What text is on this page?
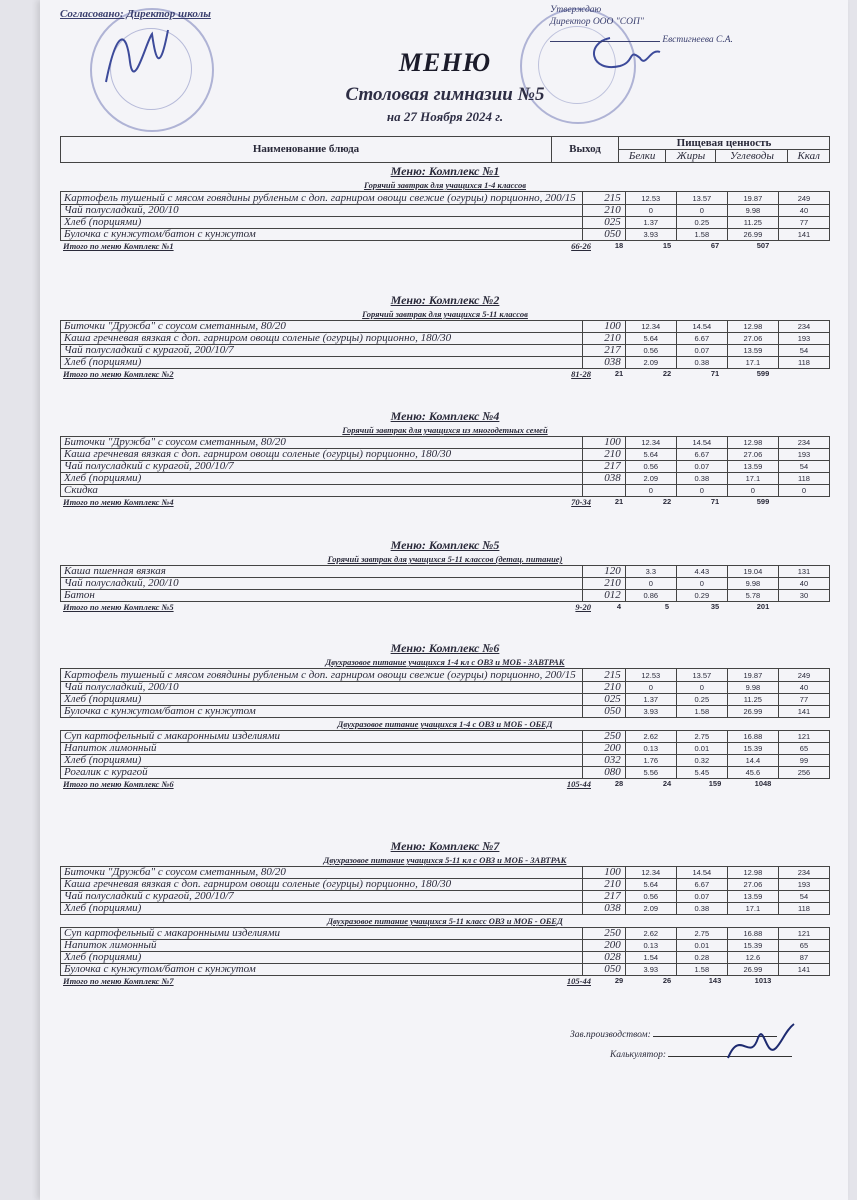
Согласовано: Директор школы	Утверждаю
Директор ООО "СОП"
Евстигнеева С.А.
МЕНЮ
Столовая гимназии №5
на 27 Ноября 2024 г.
Наименование блюда	Выход	Пищевая ценность			
		Белки	Жиры	Углеводы	Ккал
Меню: Комплекс №1
Горячий завтрак для учащихся 1-4 классов
Картофель тушеный с мясом говядины рубленым с доп. гарниром овощи свежие (огурцы) порционно, 200/15	215	12.53	13.57	19.87	249
Чай полусладкий, 200/10	210	0	0	9.98	40
Хлеб (порциями)	025	1.37	0.25	11.25	77
Булочка с кунжутом/батон с кунжутом	050	3.93	1.58	26.99	141
Итого по меню Комплекс №1	66-26	18	15	67	507
Меню: Комплекс №2
Горячий завтрак для учащихся 5-11 классов
Биточки "Дружба" с соусом сметанным, 80/20	100	12.34	14.54	12.98	234
Каша гречневая вязкая с доп. гарниром овощи соленые (огурцы) порционно, 180/30	210	5.64	6.67	27.06	193
Чай полусладкий с курагой, 200/10/7	217	0.56	0.07	13.59	54
Хлеб (порциями)	038	2.09	0.38	17.1	118
Итого по меню Комплекс №2	81-28	21	22	71	599
Меню: Комплекс №4
Горячий завтрак для учащихся из многодетных семей
Биточки "Дружба" с соусом сметанным, 80/20	100	12.34	14.54	12.98	234
Каша гречневая вязкая с доп. гарниром овощи соленые (огурцы) порционно, 180/30	210	5.64	6.67	27.06	193
Чай полусладкий с курагой, 200/10/7	217	0.56	0.07	13.59	54
Хлеб (порциями)	038	2.09	0.38	17.1	118
Скидка		0	0	0	0
Итого по меню Комплекс №4	70-34	21	22	71	599
Меню: Комплекс №5
Горячий завтрак для учащихся 5-11 классов (детац. питание)
Каша пшенная вязкая	120	3.3	4.43	19.04	131
Чай полусладкий, 200/10	210	0	0	9.98	40
Батон	012	0.86	0.29	5.78	30
Итого по меню Комплекс №5	9-20	4	5	35	201
Меню: Комплекс №6
Двухразовое питание учащихся 1-4 кл с ОВЗ и МОБ - ЗАВТРАК
Картофель тушеный с мясом говядины рубленым с доп. гарниром овощи свежие (огурцы) порционно, 200/15	215	12.53	13.57	19.87	249
Чай полусладкий, 200/10	210	0	0	9.98	40
Хлеб (порциями)	025	1.37	0.25	11.25	77
Булочка с кунжутом/батон с кунжутом	050	3.93	1.58	26.99	141
Двухразовое питание учащихся 1-4 с ОВЗ и МОБ - ОБЕД
Суп картофельный с макаронными изделиями	250	2.62	2.75	16.88	121
Напиток лимонный	200	0.13	0.01	15.39	65
Хлеб (порциями)	032	1.76	0.32	14.4	99
Рогалик с курагой	080	5.56	5.45	45.6	256
Итого по меню Комплекс №6	105-44	28	24	159	1048
Меню: Комплекс №7
Двухразовое питание учащихся 5-11 кл с ОВЗ и МОБ - ЗАВТРАК
Биточки "Дружба" с соусом сметанным, 80/20	100	12.34	14.54	12.98	234
Каша гречневая вязкая с доп. гарниром овощи соленые (огурцы) порционно, 180/30	210	5.64	6.67	27.06	193
Чай полусладкий с курагой, 200/10/7	217	0.56	0.07	13.59	54
Хлеб (порциями)	038	2.09	0.38	17.1	118
Двухразовое питание учащихся 5-11 класс ОВЗ и МОБ - ОБЕД
Суп картофельный с макаронными изделиями	250	2.62	2.75	16.88	121
Напиток лимонный	200	0.13	0.01	15.39	65
Хлеб (порциями)	028	1.54	0.28	12.6	87
Булочка с кунжутом/батон с кунжутом	050	3.93	1.58	26.99	141
Итого по меню Комплекс №7	105-44	29	26	143	1013
Зав.производством:
Калькулятор:
